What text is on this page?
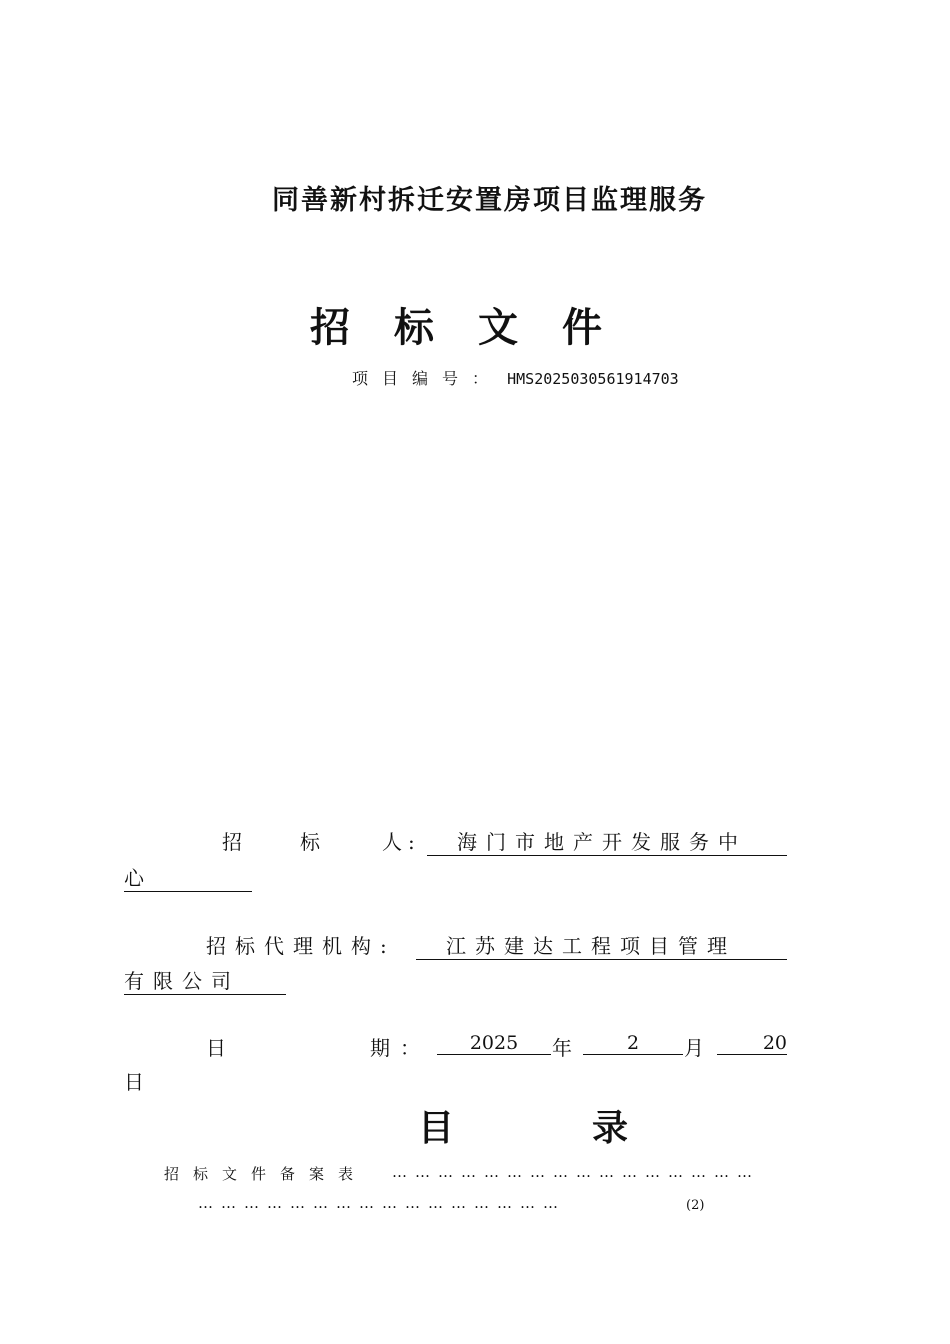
同善新村拆迁安置房项目监理服务
招标文件
项目编号： HMS2025030561914703
招	标	人 :	海门市地产开发服务中
心
招标代理机构:	江苏建达工程项目管理
有限公司
日	期 ：	2025	年	2	月	20
日
目录
招标文件备案表 …………………………………………
…………………………………………	(2)
